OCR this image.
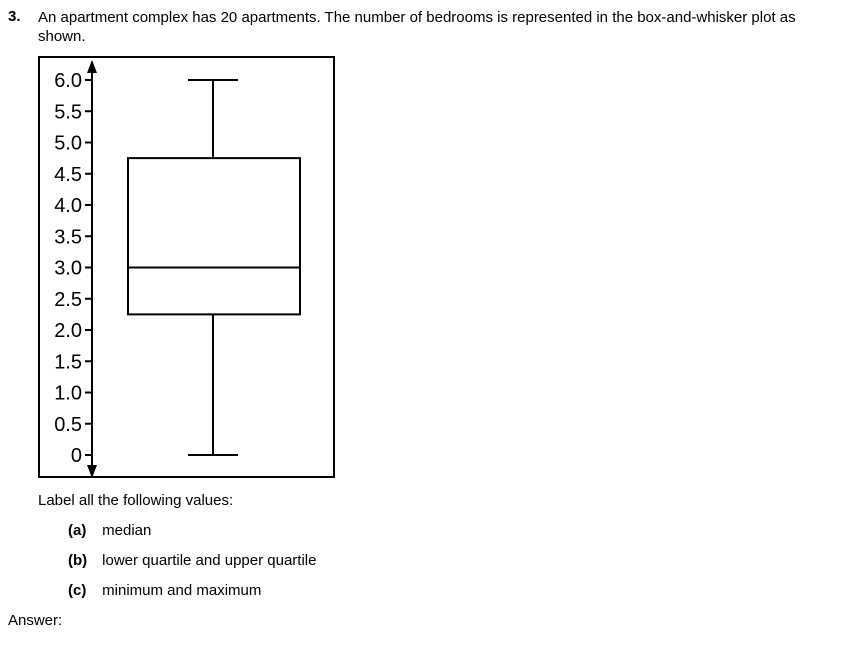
3. An apartment complex has 20 apartments. The number of bedrooms is represented in the box-and-whisker plot as shown.
6.0
5.5
5.0
4.5
4.0
3.5
3.0
2.5
2.0
1.5
1.0
0.5
0
Label all the following values:
(a) median
(b) lower quartile and upper quartile
(c) minimum and maximum
Answer:
